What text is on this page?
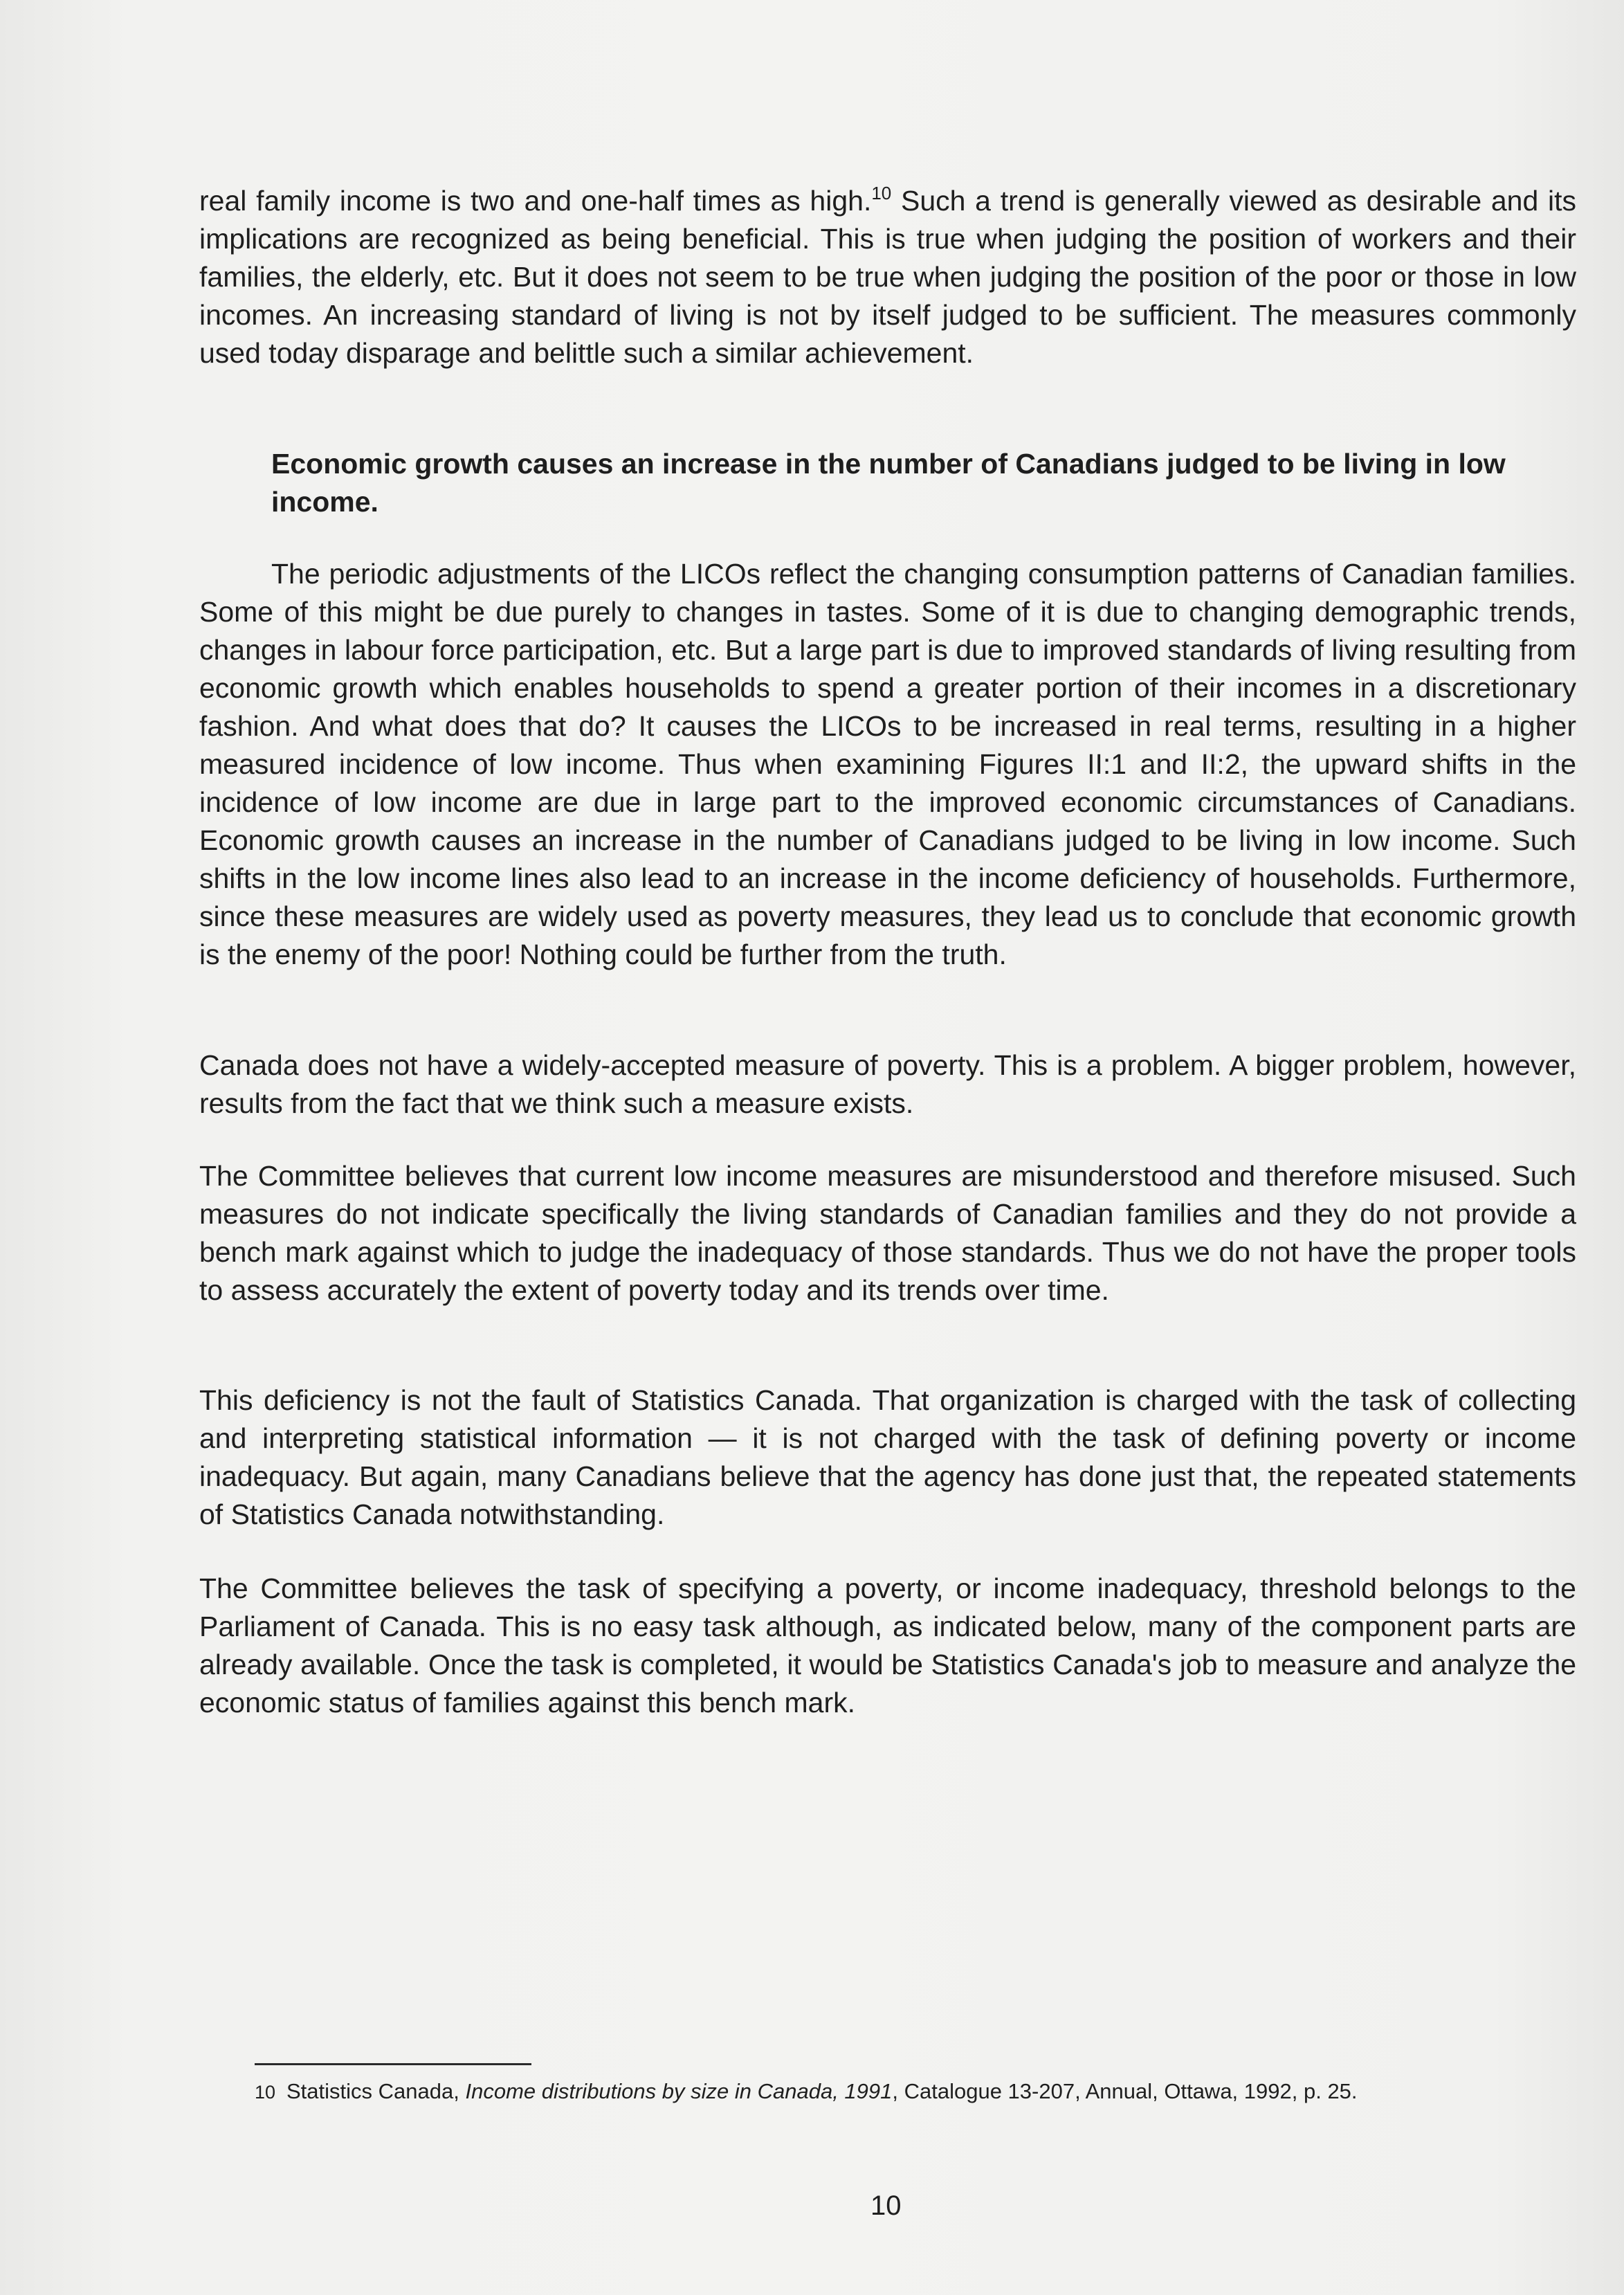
real family income is two and one-half times as high.$^{10}$ Such a trend is generally viewed as desirable and its implications are recognized as being beneficial. This is true when judging the position of workers and their families, the elderly, etc. But it does not seem to be true when judging the position of the poor or those in low incomes. An increasing standard of living is not by itself judged to be sufficient. The measures commonly used today disparage and belittle such a similar achievement.

Economic growth causes an increase in the number of Canadians judged to be living in low income.

The periodic adjustments of the LICOs reflect the changing consumption patterns of Canadian families. Some of this might be due purely to changes in tastes. Some of it is due to changing demographic trends, changes in labour force participation, etc. But a large part is due to improved standards of living resulting from economic growth which enables households to spend a greater portion of their incomes in a discretionary fashion. And what does that do? It causes the LICOs to be increased in real terms, resulting in a higher measured incidence of low income. Thus when examining Figures II:1 and II:2, the upward shifts in the incidence of low income are due in large part to the improved economic circumstances of Canadians. Economic growth causes an increase in the number of Canadians judged to be living in low income. Such shifts in the low income lines also lead to an increase in the income deficiency of households. Furthermore, since these measures are widely used as poverty measures, they lead us to conclude that economic growth is the enemy of the poor! Nothing could be further from the truth.

Canada does not have a widely-accepted measure of poverty. This is a problem. A bigger problem, however, results from the fact that we think such a measure exists.

The Committee believes that current low income measures are misunderstood and therefore misused. Such measures do not indicate specifically the living standards of Canadian families and they do not provide a bench mark against which to judge the inadequacy of those standards. Thus we do not have the proper tools to assess accurately the extent of poverty today and its trends over time.

This deficiency is not the fault of Statistics Canada. That organization is charged with the task of collecting and interpreting statistical information — it is not charged with the task of defining poverty or income inadequacy. But again, many Canadians believe that the agency has done just that, the repeated statements of Statistics Canada notwithstanding.

The Committee believes the task of specifying a poverty, or income inadequacy, threshold belongs to the Parliament of Canada. This is no easy task although, as indicated below, many of the component parts are already available. Once the task is completed, it would be Statistics Canada's job to measure and analyze the economic status of families against this bench mark.

10 Statistics Canada, Income distributions by size in Canada, 1991, Catalogue 13-207, Annual, Ottawa, 1992, p. 25.

10
